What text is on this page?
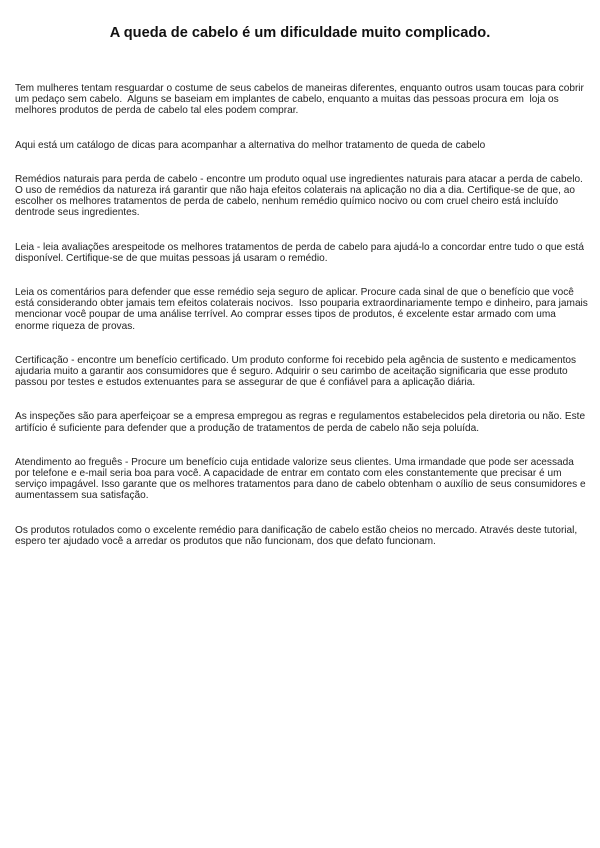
A queda de cabelo é um dificuldade muito complicado.

Tem mulheres tentam resguardar o costume de seus cabelos de maneiras diferentes, enquanto outros usam toucas para cobrir um pedaço sem cabelo.  Alguns se baseiam em implantes de cabelo, enquanto a muitas das pessoas procura em  loja os melhores produtos de perda de cabelo tal eles podem comprar.

Aqui está um catálogo de dicas para acompanhar a alternativa do melhor tratamento de queda de cabelo

Remédios naturais para perda de cabelo - encontre um produto oqual use ingredientes naturais para atacar a perda de cabelo. O uso de remédios da natureza irá garantir que não haja efeitos colaterais na aplicação no dia a dia. Certifique-se de que, ao escolher os melhores tratamentos de perda de cabelo, nenhum remédio químico nocivo ou com cruel cheiro está incluído dentrode seus ingredientes.

Leia - leia avaliações arespeitode os melhores tratamentos de perda de cabelo para ajudá-lo a concordar entre tudo o que está disponível. Certifique-se de que muitas pessoas já usaram o remédio.

Leia os comentários para defender que esse remédio seja seguro de aplicar. Procure cada sinal de que o benefício que você está considerando obter jamais tem efeitos colaterais nocivos.  Isso pouparia extraordinariamente tempo e dinheiro, para jamais mencionar você poupar de uma análise terrível. Ao comprar esses tipos de produtos, é excelente estar armado com uma enorme riqueza de provas.

Certificação - encontre um benefício certificado. Um produto conforme foi recebido pela agência de sustento e medicamentos ajudaria muito a garantir aos consumidores que é seguro. Adquirir o seu carimbo de aceitação significaria que esse produto passou por testes e estudos extenuantes para se assegurar de que é confiável para a aplicação diária.

As inspeções são para aperfeiçoar se a empresa empregou as regras e regulamentos estabelecidos pela diretoria ou não. Este artifício é suficiente para defender que a produção de tratamentos de perda de cabelo não seja poluída.

Atendimento ao freguês - Procure um benefício cuja entidade valorize seus clientes. Uma irmandade que pode ser acessada por telefone e e-mail seria boa para você. A capacidade de entrar em contato com eles constantemente que precisar é um serviço impagável. Isso garante que os melhores tratamentos para dano de cabelo obtenham o auxílio de seus consumidores e aumentassem sua satisfação.

Os produtos rotulados como o excelente remédio para danificação de cabelo estão cheios no mercado. Através deste tutorial, espero ter ajudado você a arredar os produtos que não funcionam, dos que defato funcionam.
